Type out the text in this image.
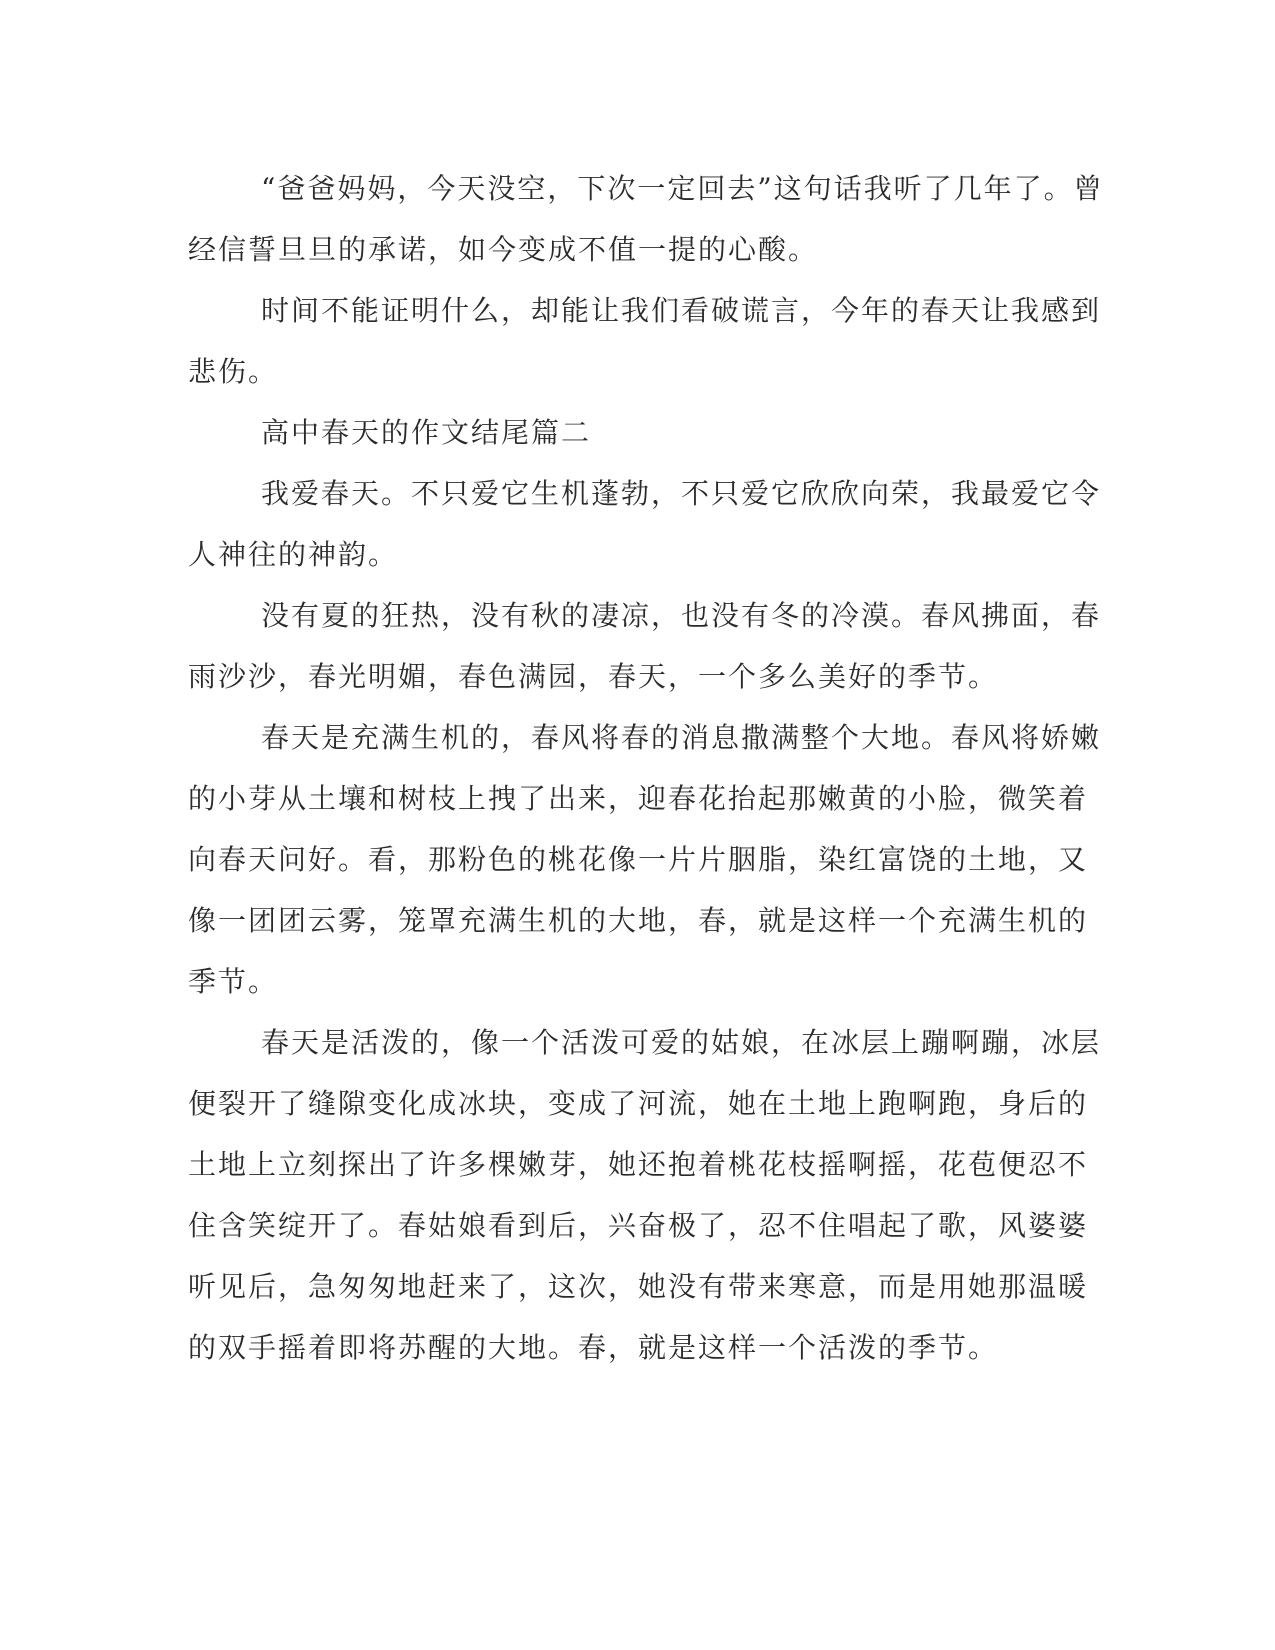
“爸爸妈妈，今天没空，下次一定回去”这句话我听了几年了。曾
经信誓旦旦的承诺，如今变成不值一提的心酸。
时间不能证明什么，却能让我们看破谎言，今年的春天让我感到
悲伤。
高中春天的作文结尾篇二
我爱春天。不只爱它生机蓬勃，不只爱它欣欣向荣，我最爱它令
人神往的神韵。
没有夏的狂热，没有秋的凄凉，也没有冬的冷漠。春风拂面，春
雨沙沙，春光明媚，春色满园，春天，一个多么美好的季节。
春天是充满生机的，春风将春的消息撒满整个大地。春风将娇嫩
的小芽从土壤和树枝上拽了出来，迎春花抬起那嫩黄的小脸，微笑着
向春天问好。看，那粉色的桃花像一片片胭脂，染红富饶的土地，又
像一团团云雾，笼罩充满生机的大地，春，就是这样一个充满生机的
季节。
春天是活泼的，像一个活泼可爱的姑娘，在冰层上蹦啊蹦，冰层
便裂开了缝隙变化成冰块，变成了河流，她在土地上跑啊跑，身后的
土地上立刻探出了许多棵嫩芽，她还抱着桃花枝摇啊摇，花苞便忍不
住含笑绽开了。春姑娘看到后，兴奋极了，忍不住唱起了歌，风婆婆
听见后，急匆匆地赶来了，这次，她没有带来寒意，而是用她那温暖
的双手摇着即将苏醒的大地。春，就是这样一个活泼的季节。
